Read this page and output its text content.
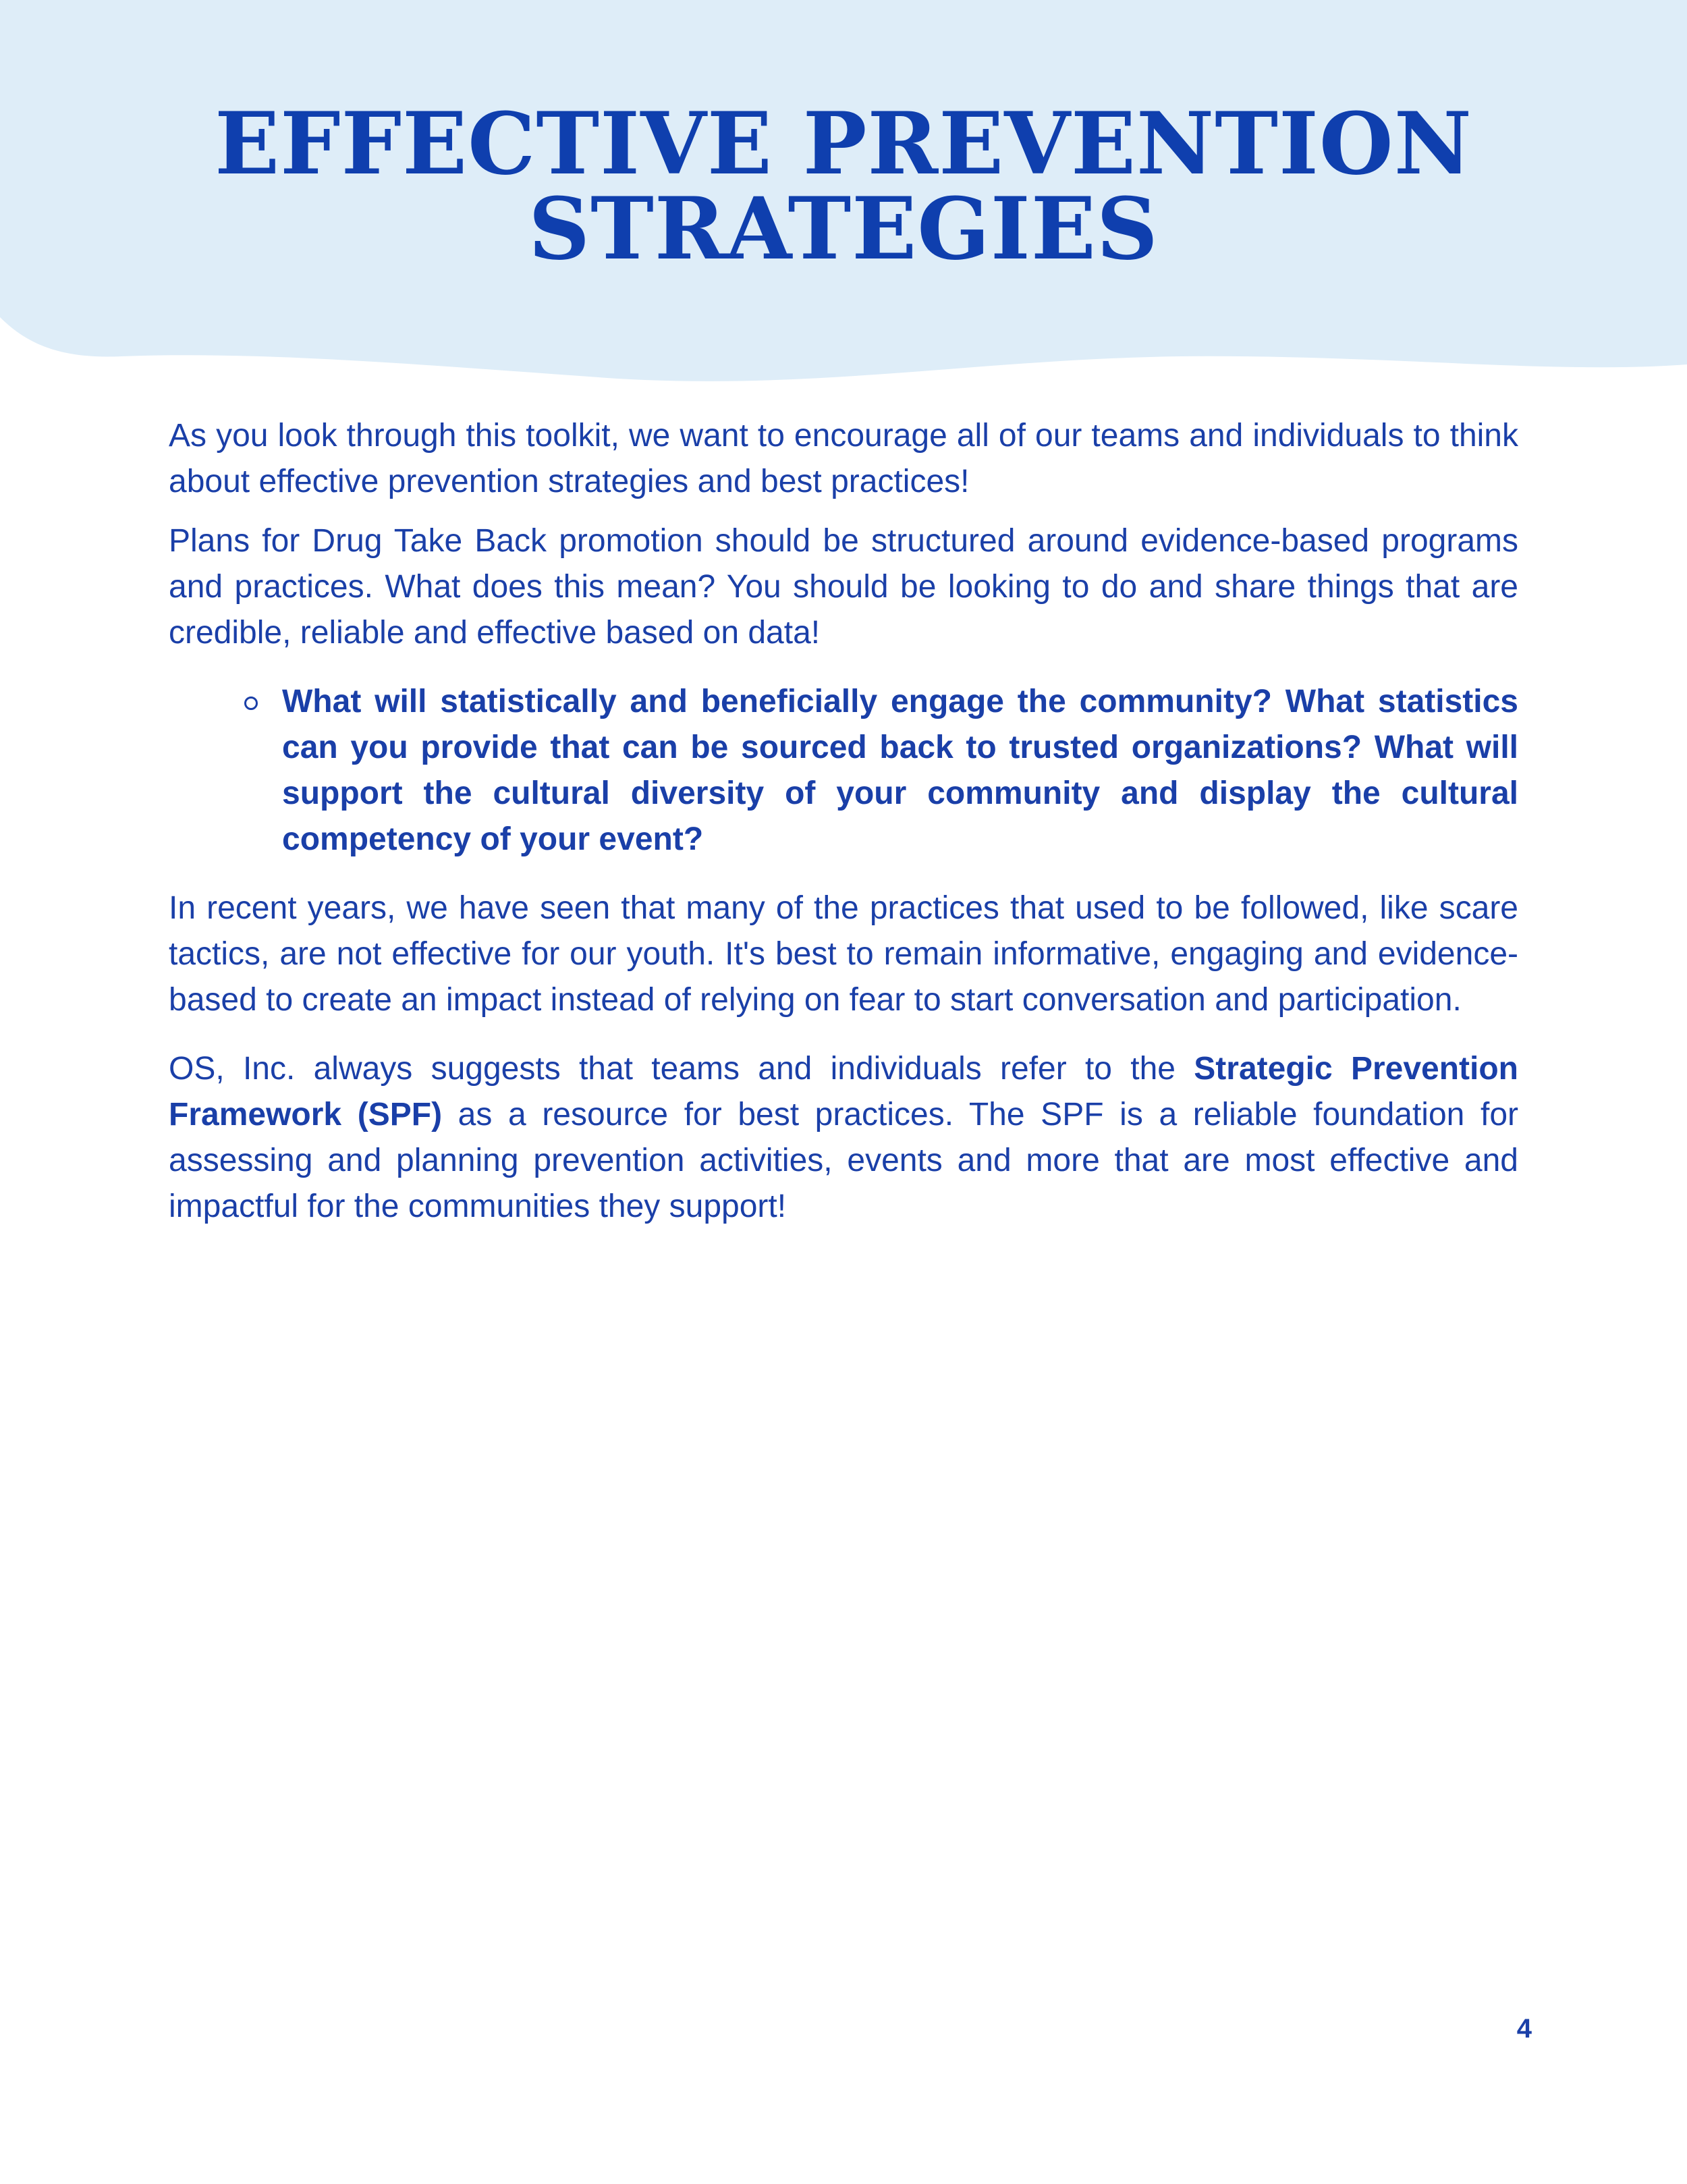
EFFECTIVE PREVENTION
STRATEGIES

As you look through this toolkit, we want to encourage all of our teams and individuals to think about effective prevention strategies and best practices!

Plans for Drug Take Back promotion should be structured around evidence-based programs and practices. What does this mean? You should be looking to do and share things that are credible, reliable and effective based on data!

What will statistically and beneficially engage the community? What statistics can you provide that can be sourced back to trusted organizations? What will support the cultural diversity of your community and display the cultural competency of your event?

In recent years, we have seen that many of the practices that used to be followed, like scare tactics, are not effective for our youth. It's best to remain informative, engaging and evidence-based to create an impact instead of relying on fear to start conversation and participation.

OS, Inc. always suggests that teams and individuals refer to the Strategic Prevention Framework (SPF) as a resource for best practices. The SPF is a reliable foundation for assessing and planning prevention activities, events and more that are most effective and impactful for the communities they support!

4
